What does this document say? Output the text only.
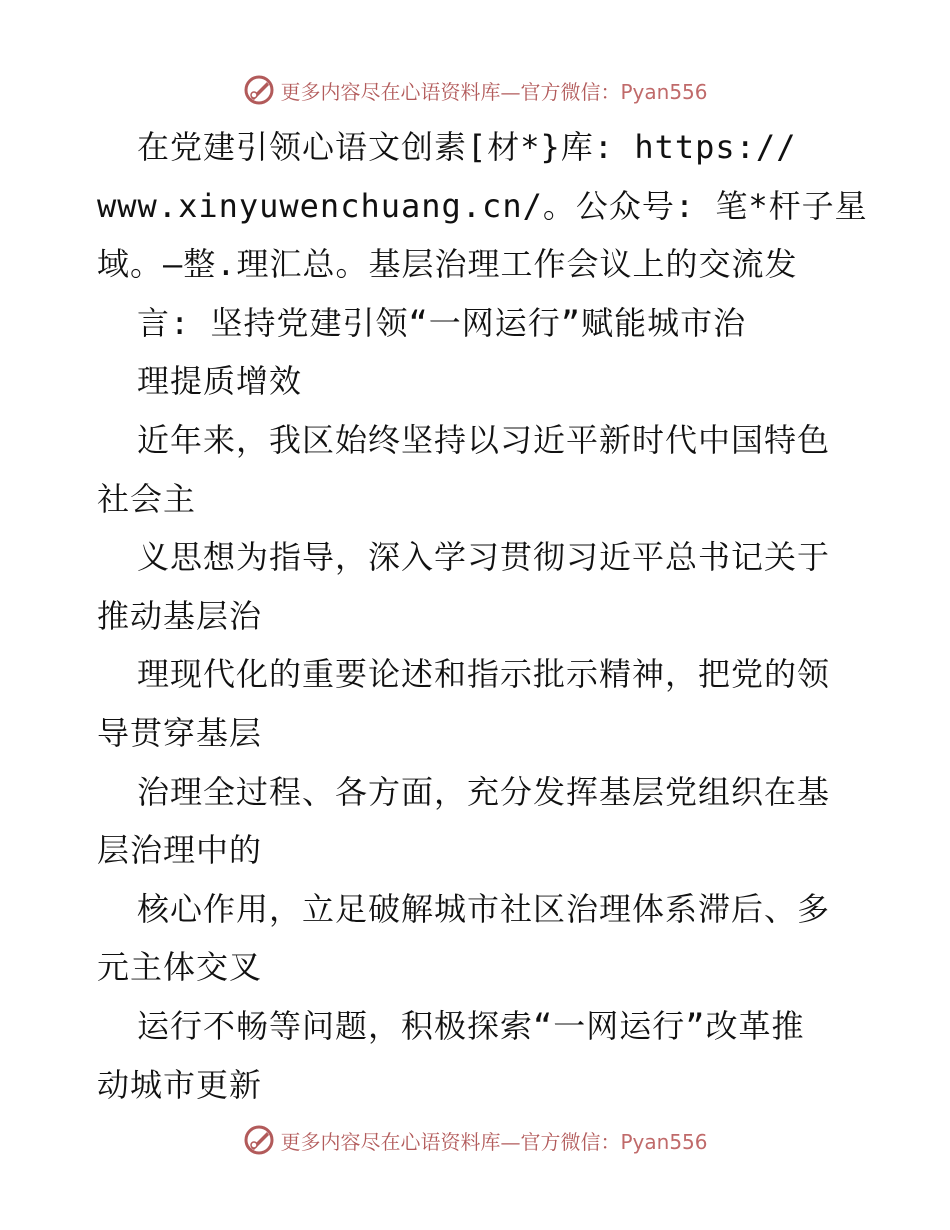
更多内容尽在心语资料库—官方微信：Pyan556
在党建引领心语文创素[材*}库: https://
www.xinyuwenchuang.cn/。公众号: 笔*杆子星
域。—整.理汇总。基层治理工作会议上的交流发
言: 坚持党建引领“一网运行”赋能城市治
理提质增效
近年来，我区始终坚持以习近平新时代中国特色
社会主
义思想为指导，深入学习贯彻习近平总书记关于
推动基层治
理现代化的重要论述和指示批示精神，把党的领
导贯穿基层
治理全过程、各方面，充分发挥基层党组织在基
层治理中的
核心作用，立足破解城市社区治理体系滞后、多
元主体交叉
运行不畅等问题，积极探索“一网运行”改革推
动城市更新
更多内容尽在心语资料库—官方微信：Pyan556
